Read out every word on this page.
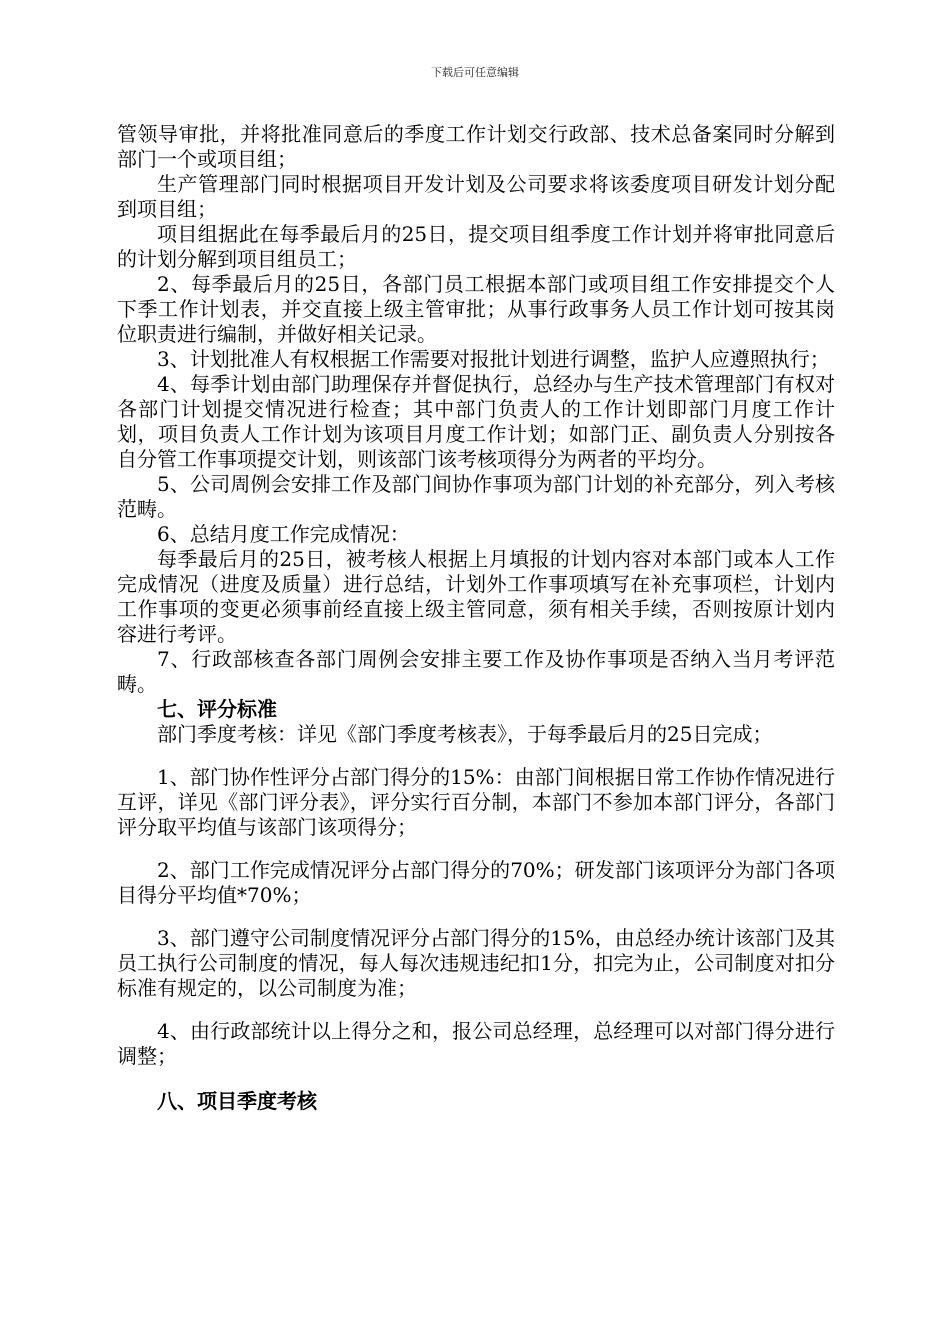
下载后可任意编辑

管领导审批，并将批准同意后的季度工作计划交行政部、技术总备案同时分解到部门一个或项目组；

生产管理部门同时根据项目开发计划及公司要求将该委度项目研发计划分配到项目组；

项目组据此在每季最后月的25日，提交项目组季度工作计划并将审批同意后的计划分解到项目组员工；

2、每季最后月的25日，各部门员工根据本部门或项目组工作安排提交个人下季工作计划表，并交直接上级主管审批；从事行政事务人员工作计划可按其岗位职责进行编制，并做好相关记录。

3、计划批准人有权根据工作需要对报批计划进行调整，监护人应遵照执行；

4、每季计划由部门助理保存并督促执行，总经办与生产技术管理部门有权对各部门计划提交情况进行检查；其中部门负责人的工作计划即部门月度工作计划，项目负责人工作计划为该项目月度工作计划；如部门正、副负责人分别按各自分管工作事项提交计划，则该部门该考核项得分为两者的平均分。

5、公司周例会安排工作及部门间协作事项为部门计划的补充部分，列入考核范畴。

6、总结月度工作完成情况：

每季最后月的25日，被考核人根据上月填报的计划内容对本部门或本人工作完成情况（进度及质量）进行总结，计划外工作事项填写在补充事项栏，计划内工作事项的变更必须事前经直接上级主管同意，须有相关手续，否则按原计划内容进行考评。

7、行政部核查各部门周例会安排主要工作及协作事项是否纳入当月考评范畴。

七、评分标准

部门季度考核：详见《部门季度考核表》，于每季最后月的25日完成；

1、部门协作性评分占部门得分的15%：由部门间根据日常工作协作情况进行互评，详见《部门评分表》，评分实行百分制，本部门不参加本部门评分，各部门评分取平均值与该部门该项得分；

2、部门工作完成情况评分占部门得分的70%；研发部门该项评分为部门各项目得分平均值*70%；

3、部门遵守公司制度情况评分占部门得分的15%，由总经办统计该部门及其员工执行公司制度的情况，每人每次违规违纪扣1分，扣完为止，公司制度对扣分标准有规定的，以公司制度为准；

4、由行政部统计以上得分之和，报公司总经理，总经理可以对部门得分进行调整；

八、项目季度考核
